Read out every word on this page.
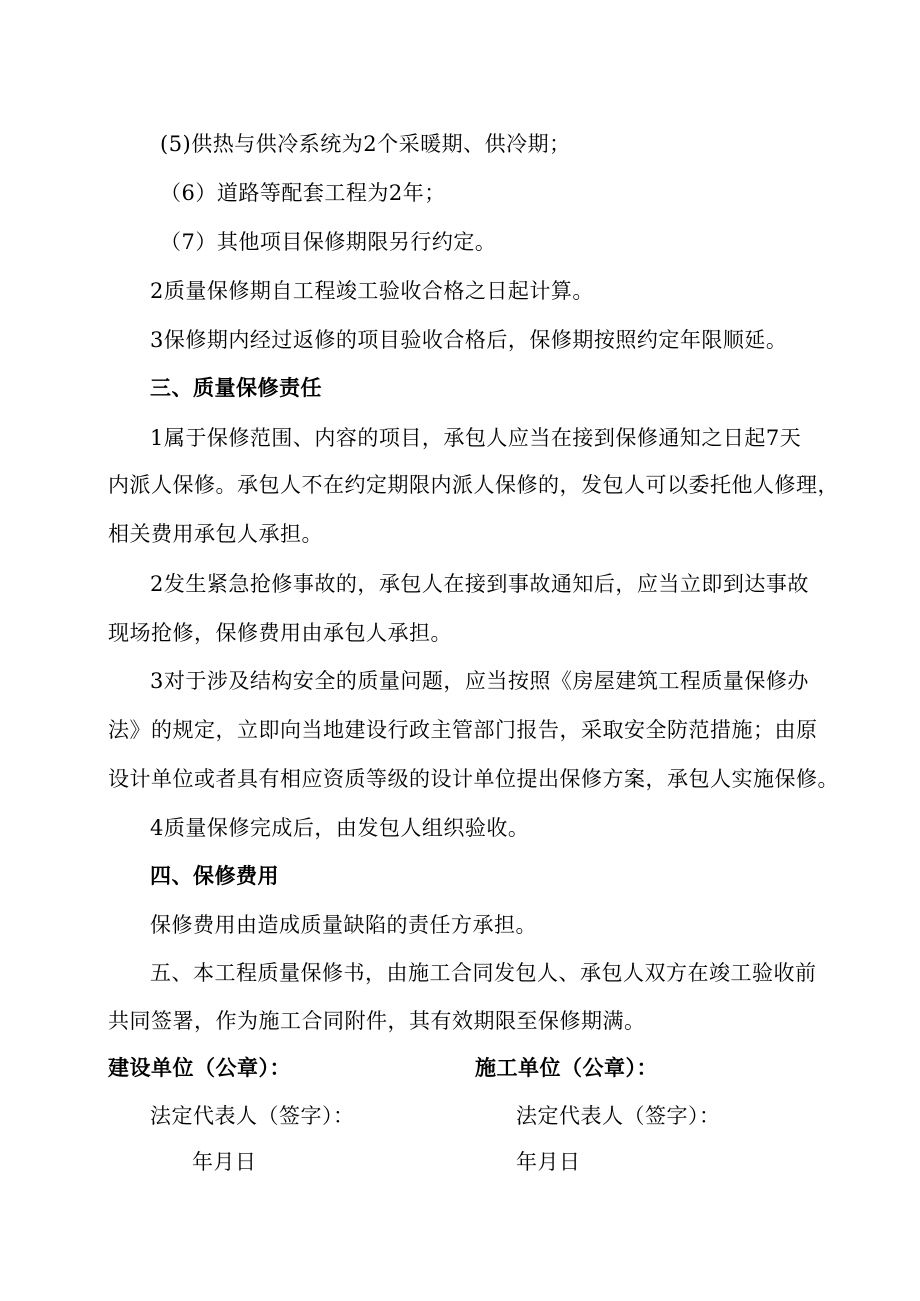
(5)供热与供冷系统为2个采暖期、供冷期；
（6）道路等配套工程为2年；
（7）其他项目保修期限另行约定。
2质量保修期自工程竣工验收合格之日起计算。
3保修期内经过返修的项目验收合格后，保修期按照约定年限顺延。
三、质量保修责任
1属于保修范围、内容的项目，承包人应当在接到保修通知之日起7天
内派人保修。承包人不在约定期限内派人保修的，发包人可以委托他人修理，
相关费用承包人承担。
2发生紧急抢修事故的，承包人在接到事故通知后，应当立即到达事故
现场抢修，保修费用由承包人承担。
3对于涉及结构安全的质量问题，应当按照《房屋建筑工程质量保修办
法》的规定，立即向当地建设行政主管部门报告，采取安全防范措施；由原
设计单位或者具有相应资质等级的设计单位提出保修方案，承包人实施保修。
4质量保修完成后，由发包人组织验收。
四、保修费用
保修费用由造成质量缺陷的责任方承担。
五、本工程质量保修书，由施工合同发包人、承包人双方在竣工验收前
共同签署，作为施工合同附件，其有效期限至保修期满。
建设单位（公章）：	施工单位（公章）：
法定代表人（签字）：	法定代表人（签字）：
年月日	年月日
